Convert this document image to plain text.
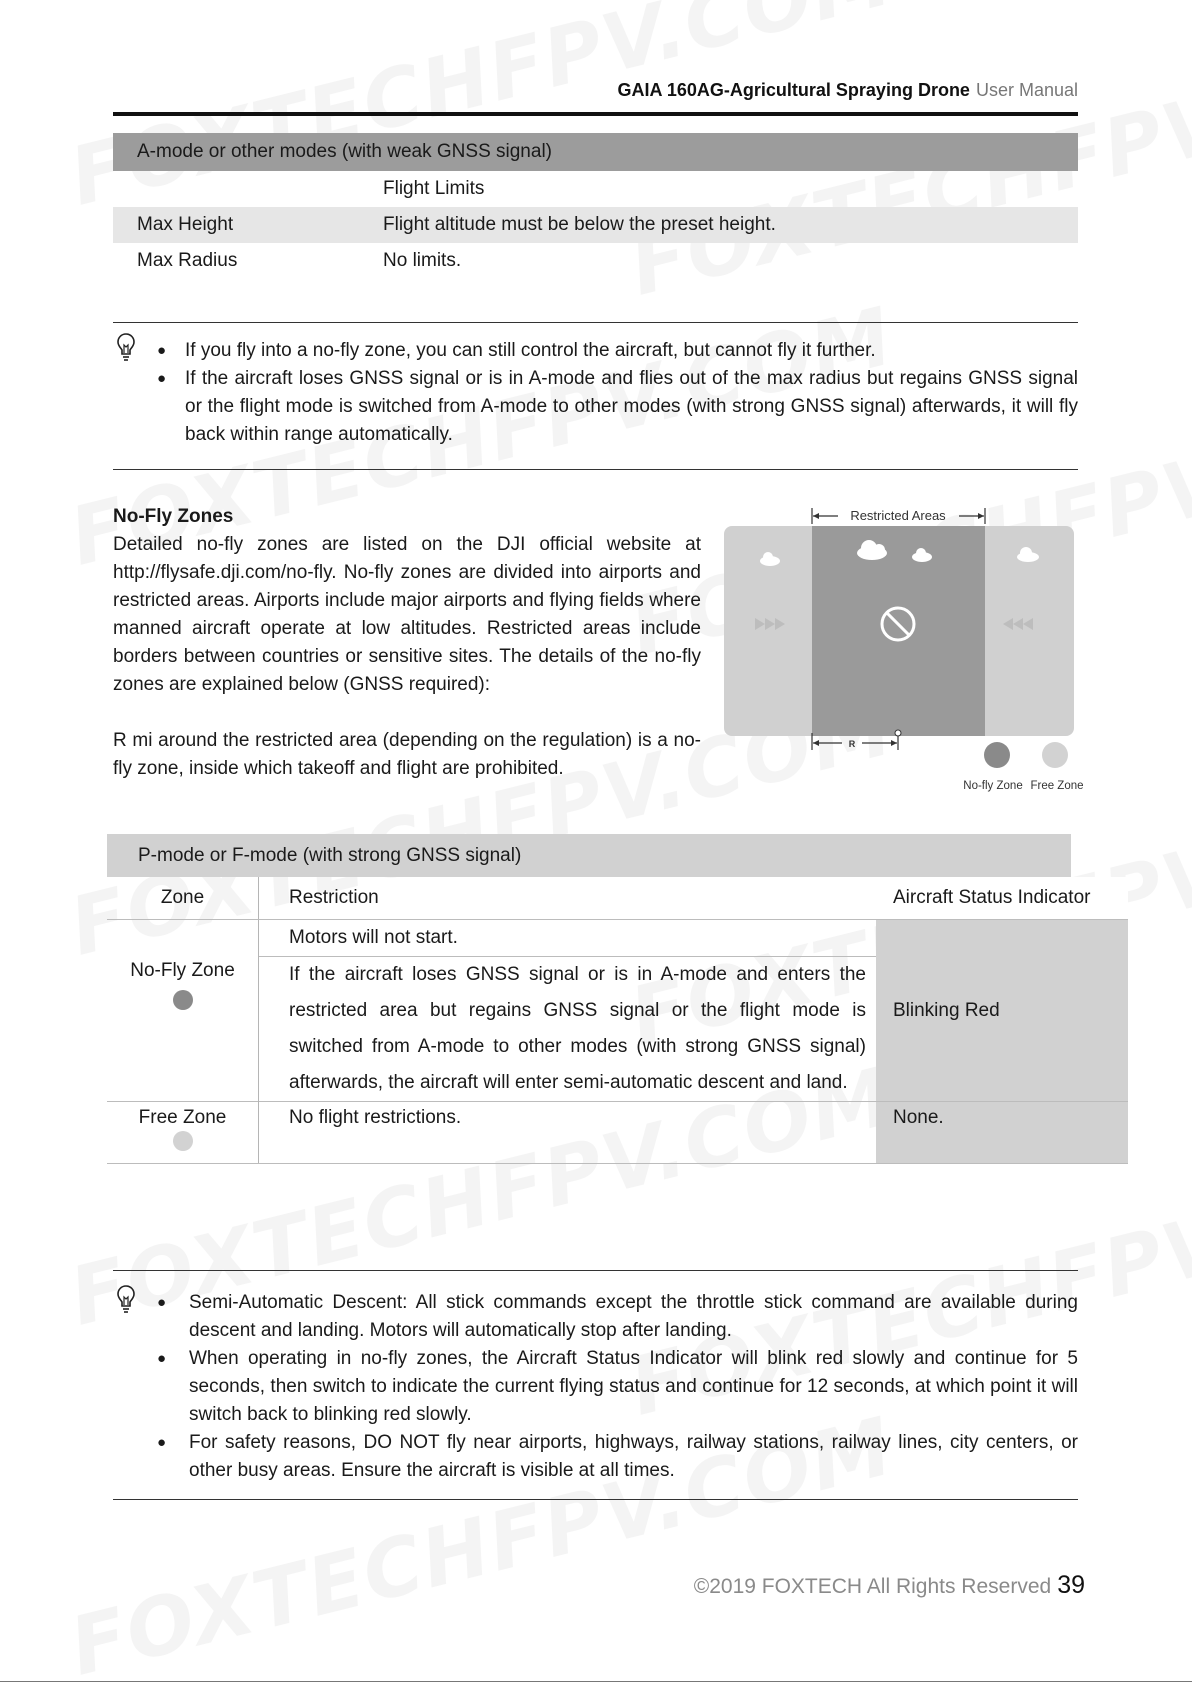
GAIA 160AG-Agricultural Spraying Drone User Manual
A-mode or other modes (with weak GNSS signal)
Flight Limits
Max Height	Flight altitude must be below the preset height.
Max Radius	No limits.
● If you fly into a no-fly zone, you can still control the aircraft, but cannot fly it further.
● If the aircraft loses GNSS signal or is in A-mode and flies out of the max radius but regains GNSS signal or the flight mode is switched from A-mode to other modes (with strong GNSS signal) afterwards, it will fly back within range automatically.
No-Fly Zones

Detailed no-fly zones are listed on the DJI official website at http://flysafe.dji.com/no-fly. No-fly zones are divided into airports and restricted areas. Airports include major airports and flying fields where manned aircraft operate at low altitudes. Restricted areas include borders between countries or sensitive sites. The details of the no-fly zones are explained below (GNSS required):

R mi around the restricted area (depending on the regulation) is a no-fly zone, inside which takeoff and flight are prohibited.

Restricted Areas
R
No-fly Zone Free Zone
P-mode or F-mode (with strong GNSS signal)
Zone	Restriction	Aircraft Status Indicator
No-Fly Zone	Motors will not start.	Blinking Red
	If the aircraft loses GNSS signal or is in A-mode and enters the restricted area but regains GNSS signal or the flight mode is switched from A-mode to other modes (with strong GNSS signal) afterwards, the aircraft will enter semi-automatic descent and land.	
Free Zone	No flight restrictions.	None.
● Semi-Automatic Descent: All stick commands except the throttle stick command are available during descent and landing. Motors will automatically stop after landing.
● When operating in no-fly zones, the Aircraft Status Indicator will blink red slowly and continue for 5 seconds, then switch to indicate the current flying status and continue for 12 seconds, at which point it will switch back to blinking red slowly.
● For safety reasons, DO NOT fly near airports, highways, railway stations, railway lines, city centers, or other busy areas. Ensure the aircraft is visible at all times.
©2019 FOXTECH All Rights Reserved 39
